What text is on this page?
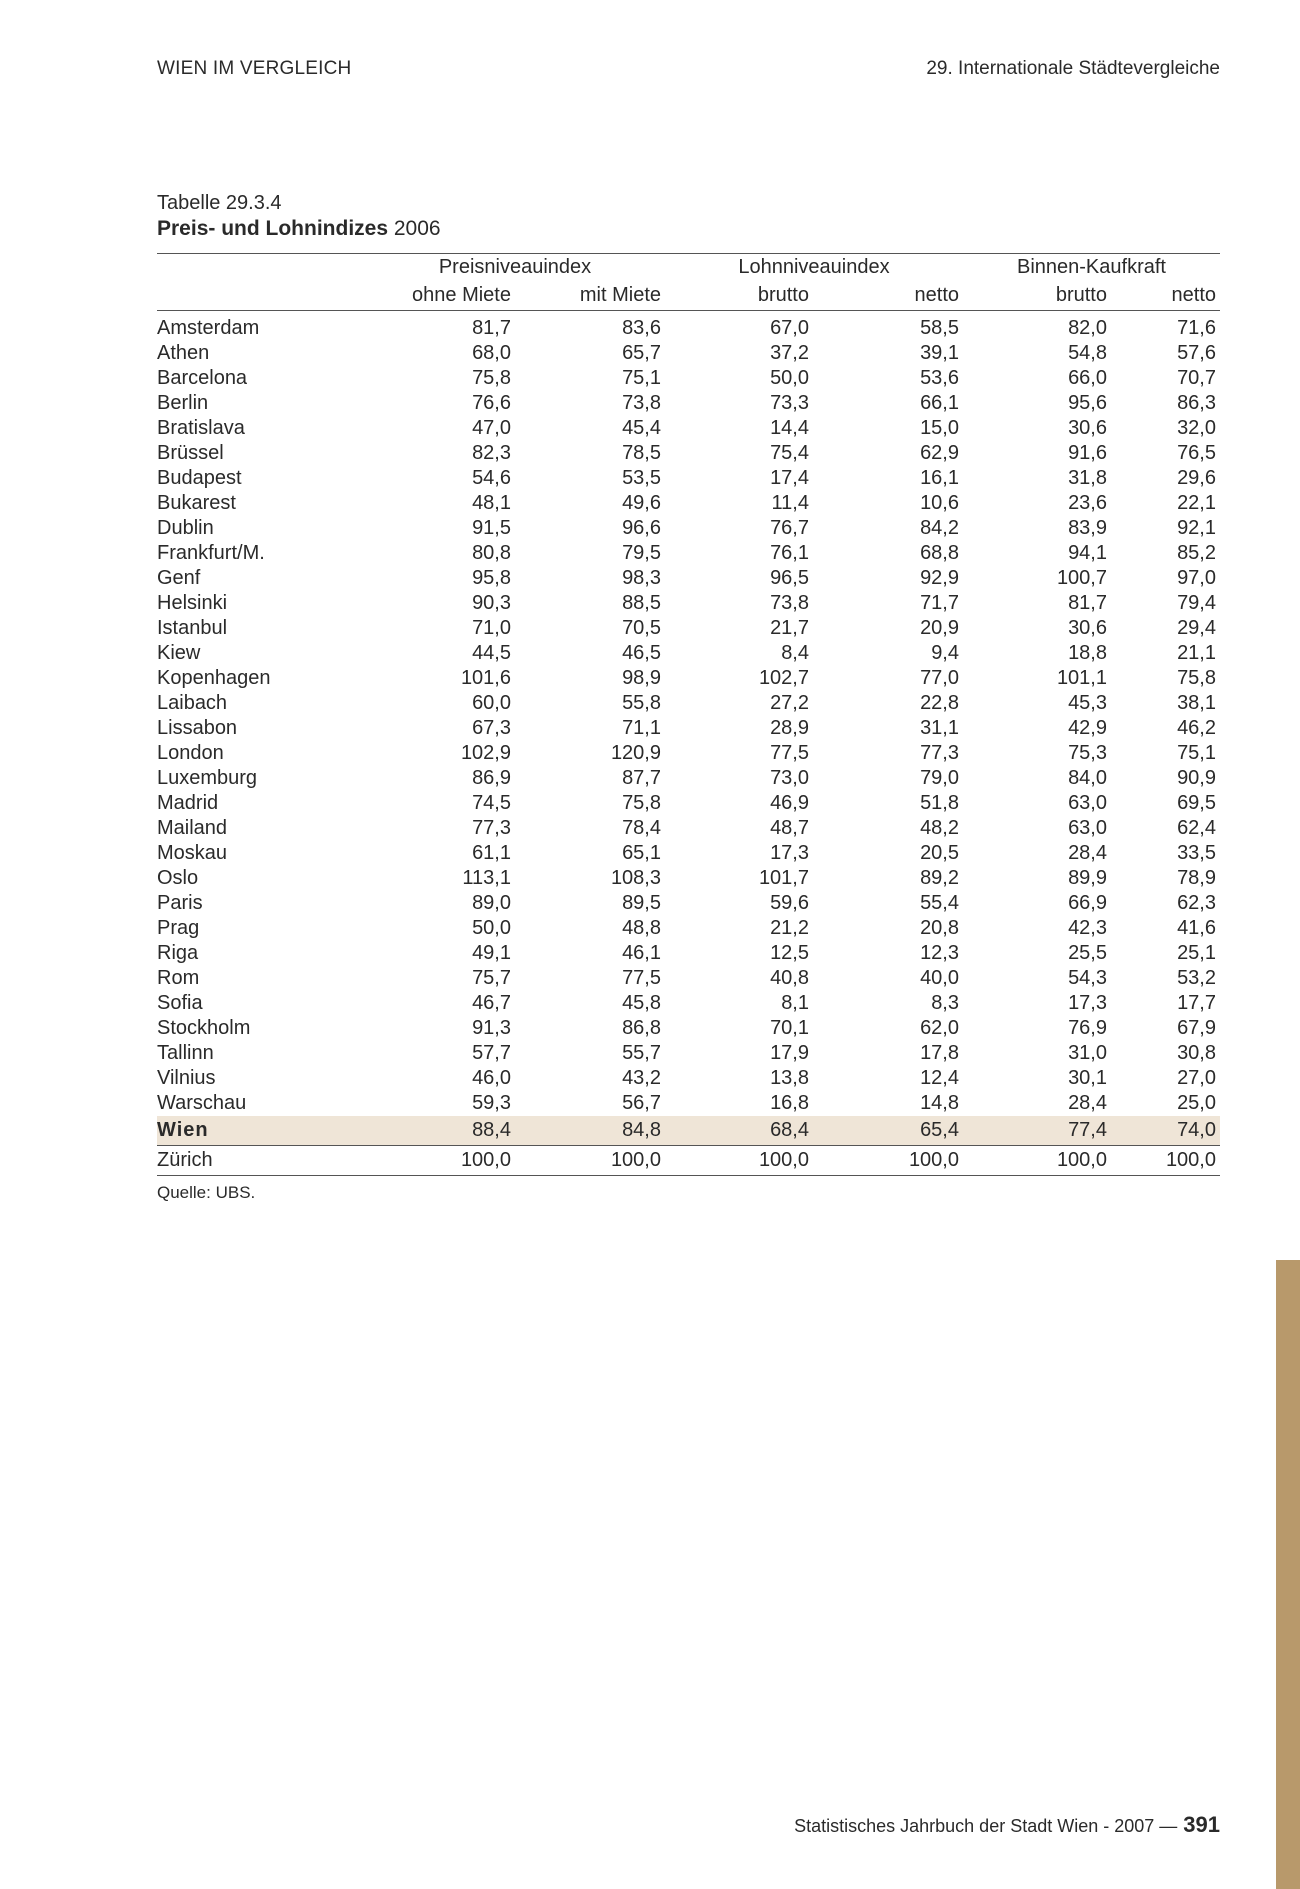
WIEN IM VERGLEICH	29. Internationale Städtevergleiche
Tabelle 29.3.4
Preis- und Lohnindizes 2006
	Preisniveauindex		Lohnniveauindex		Binnen-Kaufkraft	
	ohne Miete	mit Miete	brutto	netto	brutto	netto
Amsterdam	81,7	83,6	67,0	58,5	82,0	71,6
Athen	68,0	65,7	37,2	39,1	54,8	57,6
Barcelona	75,8	75,1	50,0	53,6	66,0	70,7
Berlin	76,6	73,8	73,3	66,1	95,6	86,3
Bratislava	47,0	45,4	14,4	15,0	30,6	32,0
Brüssel	82,3	78,5	75,4	62,9	91,6	76,5
Budapest	54,6	53,5	17,4	16,1	31,8	29,6
Bukarest	48,1	49,6	11,4	10,6	23,6	22,1
Dublin	91,5	96,6	76,7	84,2	83,9	92,1
Frankfurt/M.	80,8	79,5	76,1	68,8	94,1	85,2
Genf	95,8	98,3	96,5	92,9	100,7	97,0
Helsinki	90,3	88,5	73,8	71,7	81,7	79,4
Istanbul	71,0	70,5	21,7	20,9	30,6	29,4
Kiew	44,5	46,5	8,4	9,4	18,8	21,1
Kopenhagen	101,6	98,9	102,7	77,0	101,1	75,8
Laibach	60,0	55,8	27,2	22,8	45,3	38,1
Lissabon	67,3	71,1	28,9	31,1	42,9	46,2
London	102,9	120,9	77,5	77,3	75,3	75,1
Luxemburg	86,9	87,7	73,0	79,0	84,0	90,9
Madrid	74,5	75,8	46,9	51,8	63,0	69,5
Mailand	77,3	78,4	48,7	48,2	63,0	62,4
Moskau	61,1	65,1	17,3	20,5	28,4	33,5
Oslo	113,1	108,3	101,7	89,2	89,9	78,9
Paris	89,0	89,5	59,6	55,4	66,9	62,3
Prag	50,0	48,8	21,2	20,8	42,3	41,6
Riga	49,1	46,1	12,5	12,3	25,5	25,1
Rom	75,7	77,5	40,8	40,0	54,3	53,2
Sofia	46,7	45,8	8,1	8,3	17,3	17,7
Stockholm	91,3	86,8	70,1	62,0	76,9	67,9
Tallinn	57,7	55,7	17,9	17,8	31,0	30,8
Vilnius	46,0	43,2	13,8	12,4	30,1	27,0
Warschau	59,3	56,7	16,8	14,8	28,4	25,0
Wien	88,4	84,8	68,4	65,4	77,4	74,0
Zürich	100,0	100,0	100,0	100,0	100,0	100,0
Quelle: UBS.
Statistisches Jahrbuch der Stadt Wien - 2007 — 391
